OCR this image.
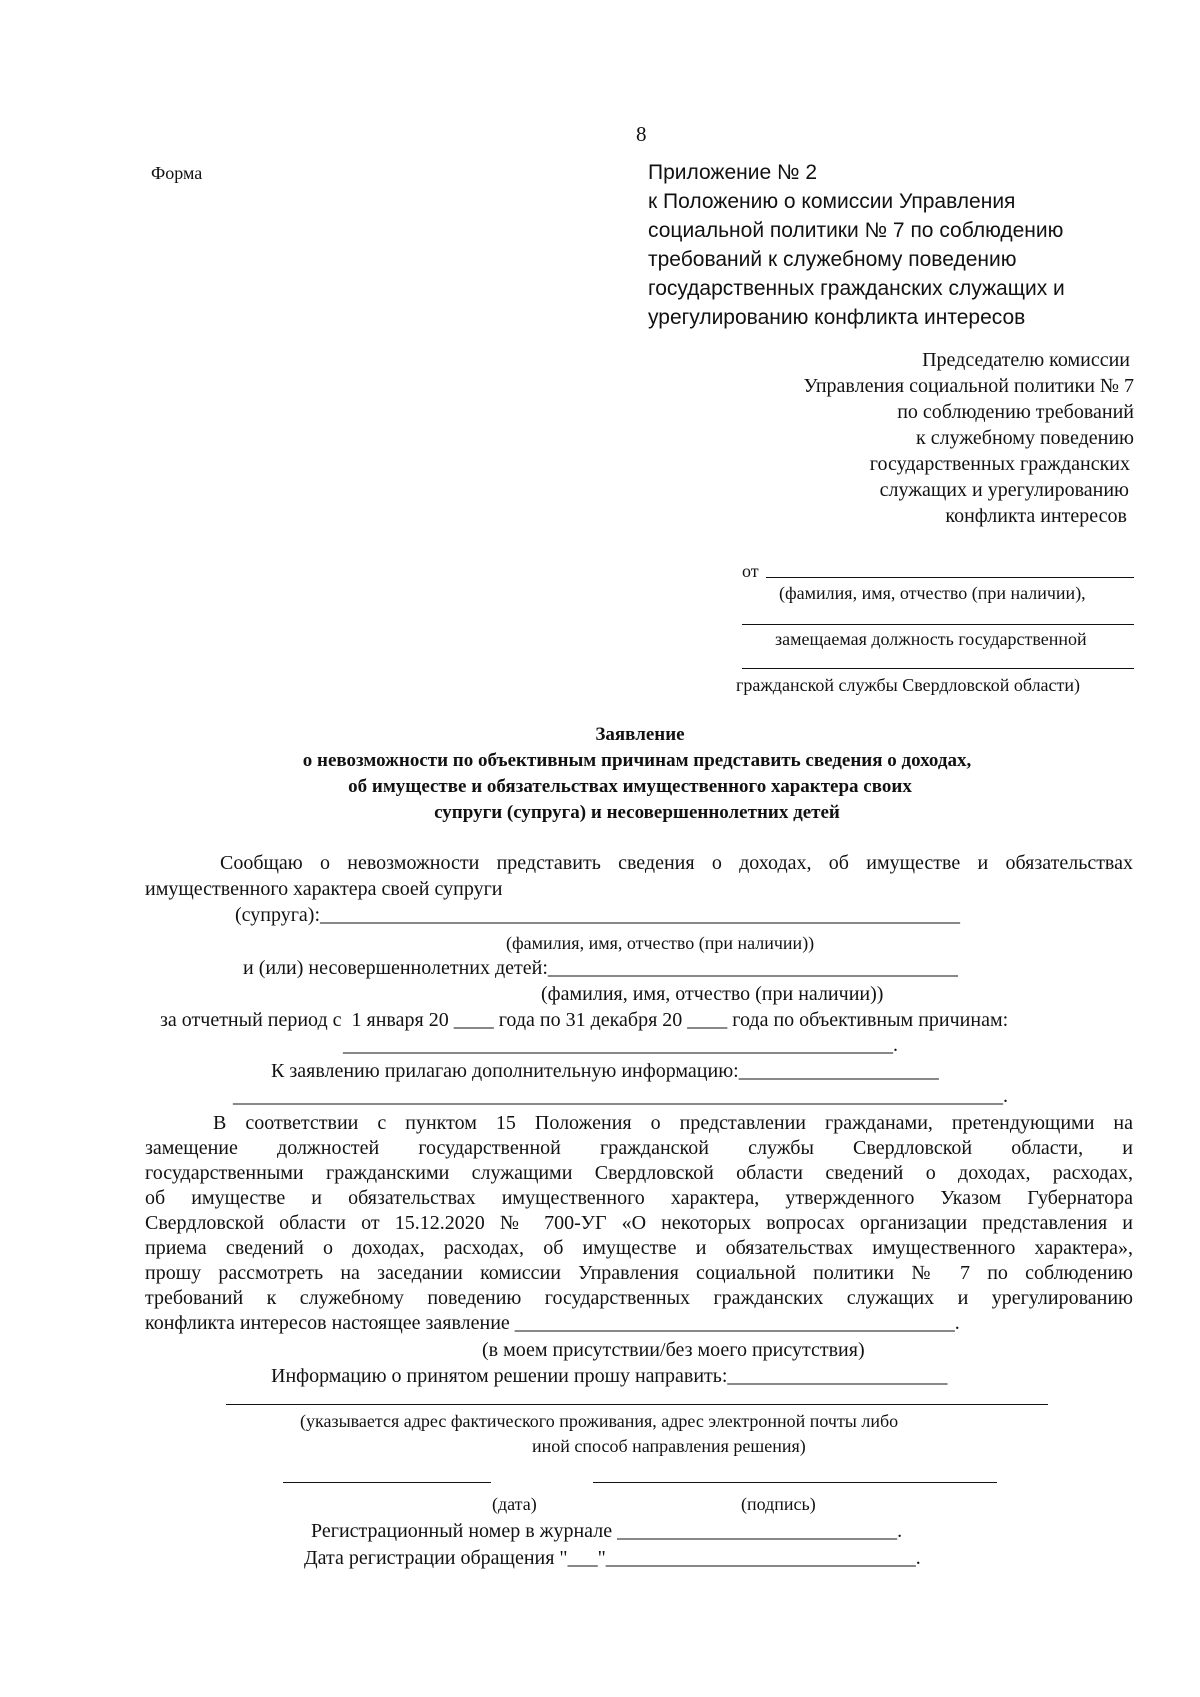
8
Форма	Приложение № 2
к Положению о комиссии Управления
социальной политики № 7 по соблюдению
требований к служебному поведению
государственных гражданских служащих и
урегулированию конфликта интересов
Председателю комиссии
Управления социальной политики № 7
по соблюдению требований
к служебному поведению
государственных гражданских
служащих и урегулированию
конфликта интересов
от
(фамилия, имя, отчество (при наличии),
замещаемая должность государственной
гражданской службы Свердловской области)
Заявление
о невозможности по объективным причинам представить сведения о доходах,
об имуществе и обязательствах имущественного характера своих
супруги (супруга) и несовершеннолетних детей
Сообщаю о невозможности представить сведения о доходах, об имуществе и обязательствах
имущественного характера своей супруги
(супруга):________________________________________________________________
(фамилия, имя, отчество (при наличии))
и (или) несовершеннолетних детей:_________________________________________
(фамилия, имя, отчество (при наличии))
за отчетный период с  1 января 20 ____ года по 31 декабря 20 ____ года по объективным причинам:
_______________________________________________________.
К заявлению прилагаю дополнительную информацию:____________________
_____________________________________________________________________________.
В соответствии с пунктом 15 Положения о представлении гражданами, претендующими на
замещение должностей государственной гражданской службы Свердловской области, и
государственными гражданскими служащими Свердловской области сведений о доходах, расходах,
об имуществе и обязательствах имущественного характера, утвержденного Указом Губернатора
Свердловской области от 15.12.2020 № 700-УГ «О некоторых вопросах организации представления и
приема сведений о доходах, расходах, об имуществе и обязательствах имущественного характера»,
прошу рассмотреть на заседании комиссии Управления социальной политики № 7 по соблюдению
требований к служебному поведению государственных гражданских служащих и урегулированию
конфликта интересов настоящее заявление ____________________________________________.
(в моем присутствии/без моего присутствия)
Информацию о принятом решении прошу направить:______________________
(указывается адрес фактического проживания, адрес электронной почты либо
иной способ направления решения)
(дата)	(подпись)
Регистрационный номер в журнале ____________________________.
Дата регистрации обращения "___"_______________________________.
